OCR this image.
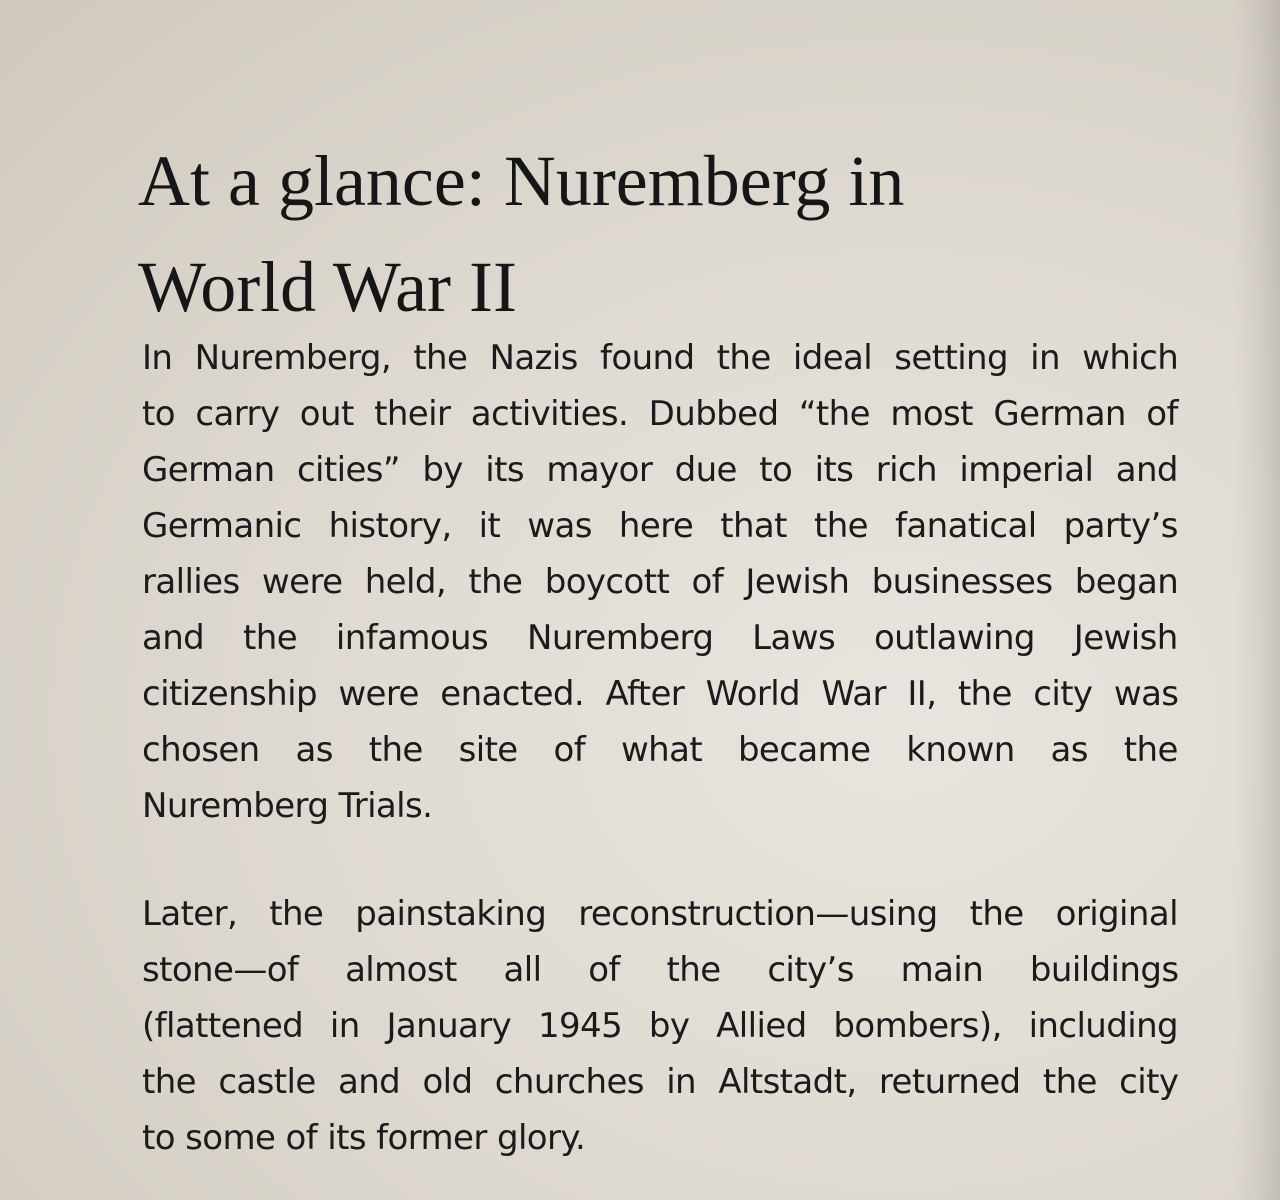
At a glance: Nuremberg in
World War II

In Nuremberg, the Nazis found the ideal setting in which
to carry out their activities. Dubbed “the most German of
German cities” by its mayor due to its rich imperial and
Germanic history, it was here that the fanatical party’s
rallies were held, the boycott of Jewish businesses began
and the infamous Nuremberg Laws outlawing Jewish
citizenship were enacted. After World War II, the city was
chosen as the site of what became known as the
Nuremberg Trials.

Later, the painstaking reconstruction—using the original
stone—of almost all of the city’s main buildings
(flattened in January 1945 by Allied bombers), including
the castle and old churches in Altstadt, returned the city
to some of its former glory.
